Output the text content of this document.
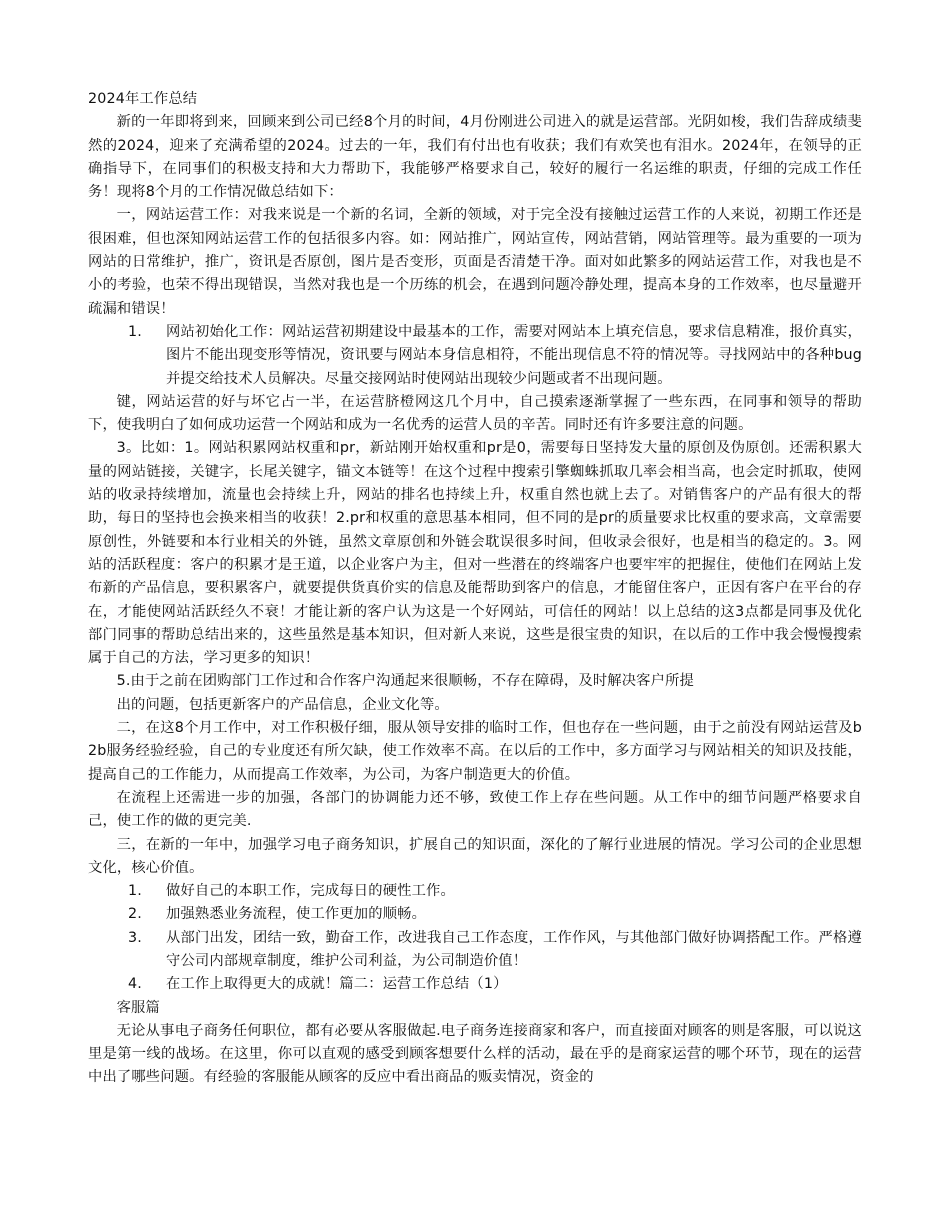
2024年工作总结

新的一年即将到来，回顾来到公司已经8个月的时间，4月份刚进公司进入的就是运营部。光阴如梭，我们告辞成绩斐然的2024，迎来了充满希望的2024。过去的一年，我们有付出也有收获；我们有欢笑也有泪水。2024年，在领导的正确指导下，在同事们的积极支持和大力帮助下，我能够严格要求自己，较好的履行一名运维的职责，仔细的完成工作任务！现将8个月的工作情况做总结如下：

一，网站运营工作：对我来说是一个新的名词，全新的领域，对于完全没有接触过运营工作的人来说，初期工作还是很困难，但也深知网站运营工作的包括很多内容。如：网站推广，网站宣传，网站营销，网站管理等。最为重要的一项为网站的日常维护，推广，资讯是否原创，图片是否变形，页面是否清楚干净。面对如此繁多的网站运营工作，对我也是不小的考验，也荣不得出现错误，当然对我也是一个历练的机会，在遇到问题冷静处理，提高本身的工作效率，也尽量避开疏漏和错误！

1. 网站初始化工作：网站运营初期建设中最基本的工作，需要对网站本上填充信息，要求信息精准，报价真实，图片不能出现变形等情况，资讯要与网站本身信息相符，不能出现信息不符的情况等。寻找网站中的各种bug并提交给技术人员解决。尽量交接网站时使网站出现较少问题或者不出现问题。

键，网站运营的好与坏它占一半，在运营脐橙网这几个月中，自己摸索逐渐掌握了一些东西，在同事和领导的帮助下，使我明白了如何成功运营一个网站和成为一名优秀的运营人员的辛苦。同时还有许多要注意的问题。

3。比如：1。网站积累网站权重和pr，新站刚开始权重和pr是0，需要每日坚持发大量的原创及伪原创。还需积累大量的网站链接，关键字，长尾关键字，锚文本链等！在这个过程中搜索引擎蜘蛛抓取几率会相当高，也会定时抓取，使网站的收录持续增加，流量也会持续上升，网站的排名也持续上升，权重自然也就上去了。对销售客户的产品有很大的帮助，每日的坚持也会换来相当的收获！2.pr和权重的意思基本相同，但不同的是pr的质量要求比权重的要求高，文章需要原创性，外链要和本行业相关的外链，虽然文章原创和外链会耽误很多时间，但收录会很好，也是相当的稳定的。3。网站的活跃程度：客户的积累才是王道，以企业客户为主，但对一些潜在的终端客户也要牢牢的把握住，使他们在网站上发布新的产品信息，要积累客户，就要提供货真价实的信息及能帮助到客户的信息，才能留住客户，正因有客户在平台的存在，才能使网站活跃经久不衰！才能让新的客户认为这是一个好网站，可信任的网站！以上总结的这3点都是同事及优化部门同事的帮助总结出来的，这些虽然是基本知识，但对新人来说，这些是很宝贵的知识，在以后的工作中我会慢慢搜索属于自己的方法，学习更多的知识！

5.由于之前在团购部门工作过和合作客户沟通起来很顺畅，不存在障碍，及时解决客户所提

出的问题，包括更新客户的产品信息，企业文化等。

二，在这8个月工作中，对工作积极仔细，服从领导安排的临时工作，但也存在一些问题，由于之前没有网站运营及b2b服务经验经验，自己的专业度还有所欠缺，使工作效率不高。在以后的工作中，多方面学习与网站相关的知识及技能，提高自己的工作能力，从而提高工作效率，为公司，为客户制造更大的价值。

在流程上还需进一步的加强，各部门的协调能力还不够，致使工作上存在些问题。从工作中的细节问题严格要求自己，使工作的做的更完美.

三，在新的一年中，加强学习电子商务知识，扩展自己的知识面，深化的了解行业进展的情况。学习公司的企业思想文化，核心价值。

1. 做好自己的本职工作，完成每日的硬性工作。
2. 加强熟悉业务流程，使工作更加的顺畅。
3. 从部门出发，团结一致，勤奋工作，改进我自己工作态度，工作作风，与其他部门做好协调搭配工作。严格遵守公司内部规章制度，维护公司利益，为公司制造价值！
4. 在工作上取得更大的成就！篇二：运营工作总结（1）

客服篇

无论从事电子商务任何职位，都有必要从客服做起.电子商务连接商家和客户，而直接面对顾客的则是客服，可以说这里是第一线的战场。在这里，你可以直观的感受到顾客想要什么样的活动，最在乎的是商家运营的哪个环节，现在的运营中出了哪些问题。有经验的客服能从顾客的反应中看出商品的贩卖情况，资金的
